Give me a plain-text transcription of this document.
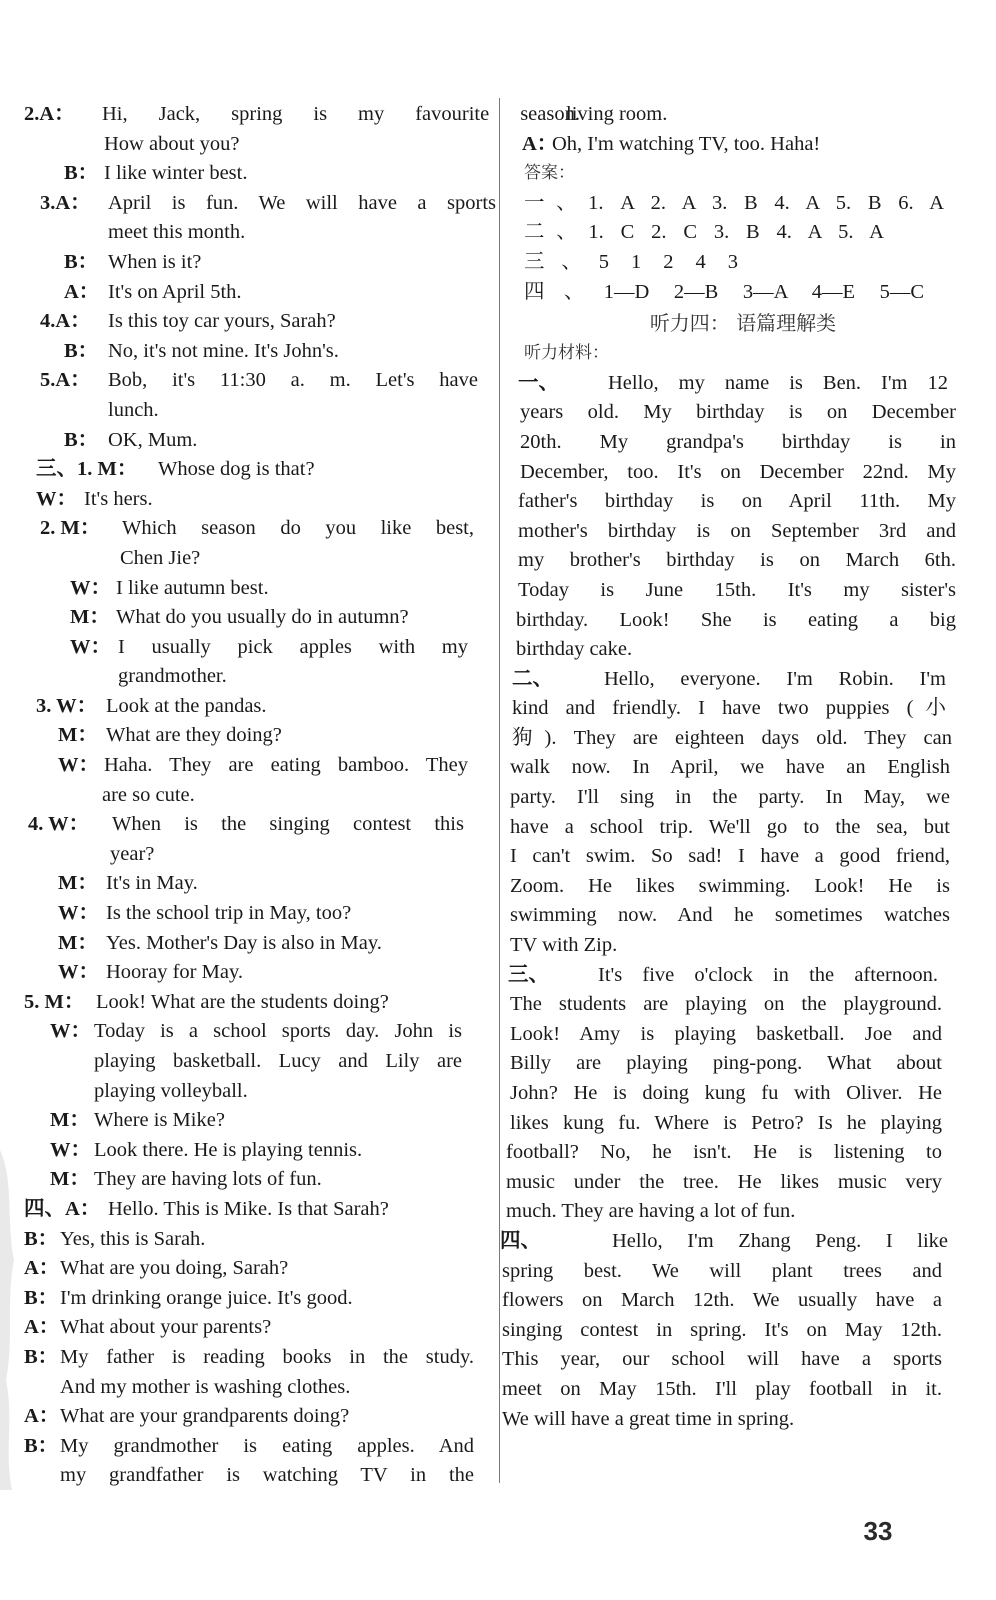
2.A： Hi, Jack, spring is my favourite season.
How about you?
B： I like winter best.
3.A： April is fun. We will have a sports
meet this month.
B： When is it?
A： It's on April 5th.
4.A： Is this toy car yours, Sarah?
B： No, it's not mine. It's John's.
5.A： Bob, it's 11:30 a. m. Let's have
lunch.
B： OK, Mum.
三、1. M： Whose dog is that?
W： It's hers.
2. M： Which season do you like best,
Chen Jie?
W： I like autumn best.
M： What do you usually do in autumn?
W： I usually pick apples with my
grandmother.
3. W： Look at the pandas.
M： What are they doing?
W： Haha. They are eating bamboo. They
are so cute.
4. W： When is the singing contest this
year?
M： It's in May.
W： Is the school trip in May, too?
M： Yes. Mother's Day is also in May.
W： Hooray for May.
5. M： Look! What are the students doing?
W： Today is a school sports day. John is
playing basketball. Lucy and Lily are
playing volleyball.
M： Where is Mike?
W： Look there. He is playing tennis.
M： They are having lots of fun.
四、A： Hello. This is Mike. Is that Sarah?
B： Yes, this is Sarah.
A： What are you doing, Sarah?
B： I'm drinking orange juice. It's good.
A： What about your parents?
B： My father is reading books in the study.
And my mother is washing clothes.
A： What are your grandparents doing?
B： My grandmother is eating apples. And
my grandfather is watching TV in the
living room.
A：
Oh, I'm watching TV, too. Haha!
答案：
一、1. A 2. A 3. B 4. A 5. B 6. A
二、1. C 2. C 3. B 4. A 5. A
三、5 1 2 4 3
四、1—D 2—B 3—A 4—E 5—C
听力四： 语篇理解类
听力材料：
一、 Hello, my name is Ben. I'm 12
years old. My birthday is on December
20th. My grandpa's birthday is in
December, too. It's on December 22nd. My
father's birthday is on April 11th. My
mother's birthday is on September 3rd and
my brother's birthday is on March 6th.
Today is June 15th. It's my sister's
birthday. Look! She is eating a big
birthday cake.
二、 Hello, everyone. I'm Robin. I'm
kind and friendly. I have two puppies (小
狗). They are eighteen days old. They can
walk now. In April, we have an English
party. I'll sing in the party. In May, we
have a school trip. We'll go to the sea, but
I can't swim. So sad! I have a good friend,
Zoom. He likes swimming. Look! He is
swimming now. And he sometimes watches
TV with Zip.
三、 It's five o'clock in the afternoon.
The students are playing on the playground.
Look! Amy is playing basketball. Joe and
Billy are playing ping-pong. What about
John? He is doing kung fu with Oliver. He
likes kung fu. Where is Petro? Is he playing
football? No, he isn't. He is listening to
music under the tree. He likes music very
much. They are having a lot of fun.
四、	Hello, I'm Zhang Peng. I like
spring best. We will plant trees and
flowers on March 12th. We usually have a
singing contest in spring. It's on May 12th.
This year, our school will have a sports
meet on May 15th. I'll play football in it.
We will have a great time in spring.
33
